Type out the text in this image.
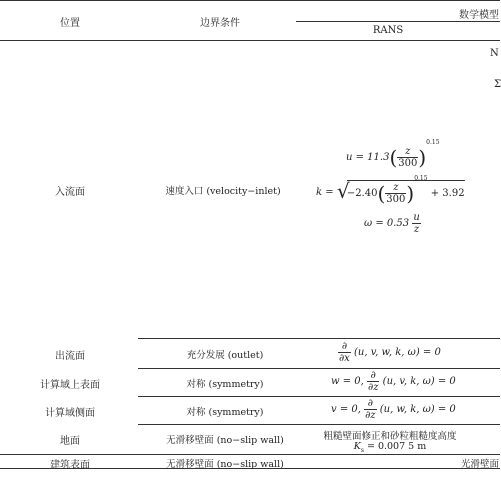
位置	边界条件
数学模型
RANS
N
Σ
入流面	速度入口 (velocity−inlet)
$u = 11.3( \frac{z}{300} )^{0.15}$
k = √
$-2.40( \frac{z}{300} )^{0.15} + 3.92$
$\omega = 0.53 \frac{u}{z}$
出流面	充分发展 (outlet)	$\frac{\partial}{\partial x} (u$, v, w, k, ω) = 0
计算域上表面	对称 (symmetry)	w = 0, $\frac{\partial}{\partial z} (u$, v, k, ω) = 0
计算域侧面	对称 (symmetry)	v = 0, $\frac{\partial}{\partial z} (u$, w, k, ω) = 0
地面	无滑移壁面 (no−slip wall)	粗糙壁面修正和砂粒粗糙度高度
$K_s = 0.007$ 5 m
建筑表面	无滑移壁面 (no−slip wall)	光滑壁面
